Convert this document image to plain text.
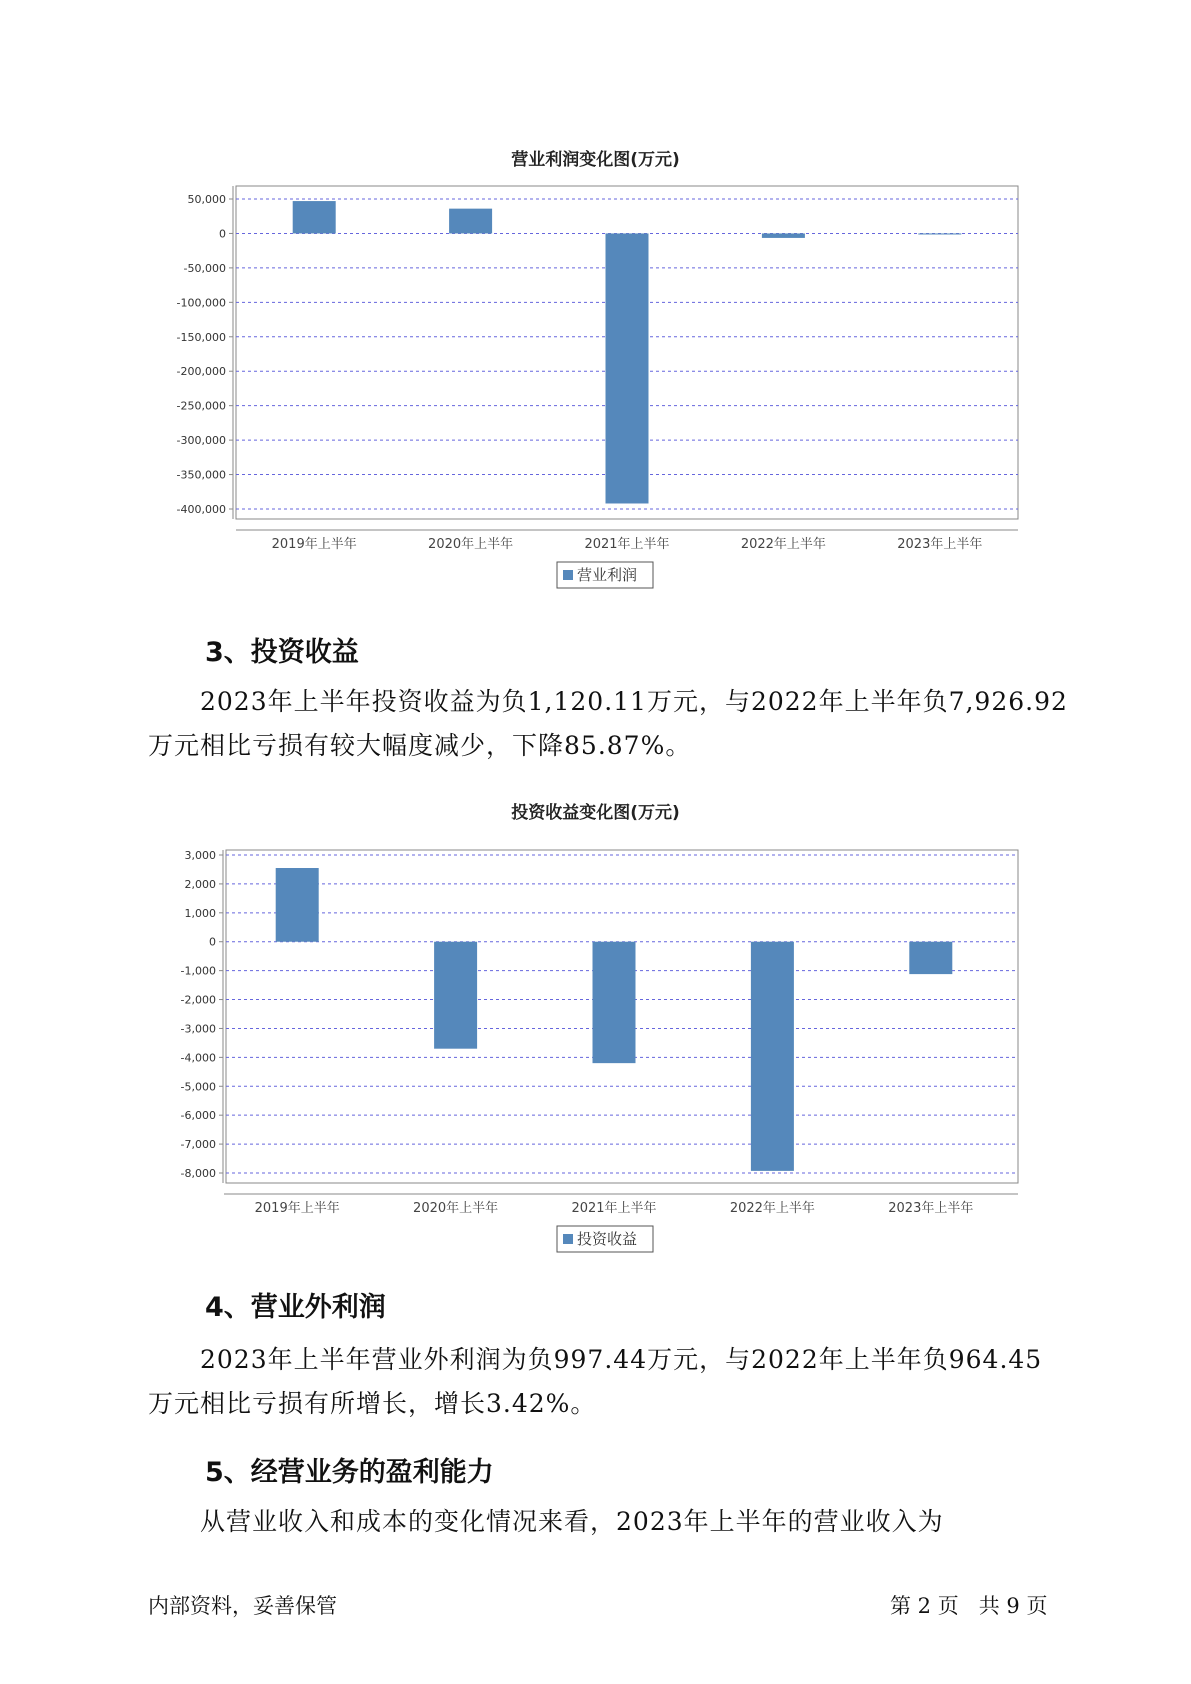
营业利润变化图(万元)
50,000
0
-50,000
-100,000
-150,000
-200,000
-250,000
-300,000
-350,000
-400,000
2019年上半年	2020年上半年	2021年上半年	2022年上半年	2023年上半年
营业利润
3、投资收益
2023年上半年投资收益为负1,120.11万元，与2022年上半年负7,926.92
万元相比亏损有较大幅度减少，下降85.87%。
投资收益变化图(万元)
3,000
2,000
1,000
0
-1,000
-2,000
-3,000
-4,000
-5,000
-6,000
-7,000
-8,000
2019年上半年	2020年上半年	2021年上半年	2022年上半年	2023年上半年
投资收益
4、营业外利润
2023年上半年营业外利润为负997.44万元，与2022年上半年负964.45
万元相比亏损有所增长，增长3.42%。
5、经营业务的盈利能力
从营业收入和成本的变化情况来看，2023年上半年的营业收入为
内部资料，妥善保管	第 2 页   共 9 页
